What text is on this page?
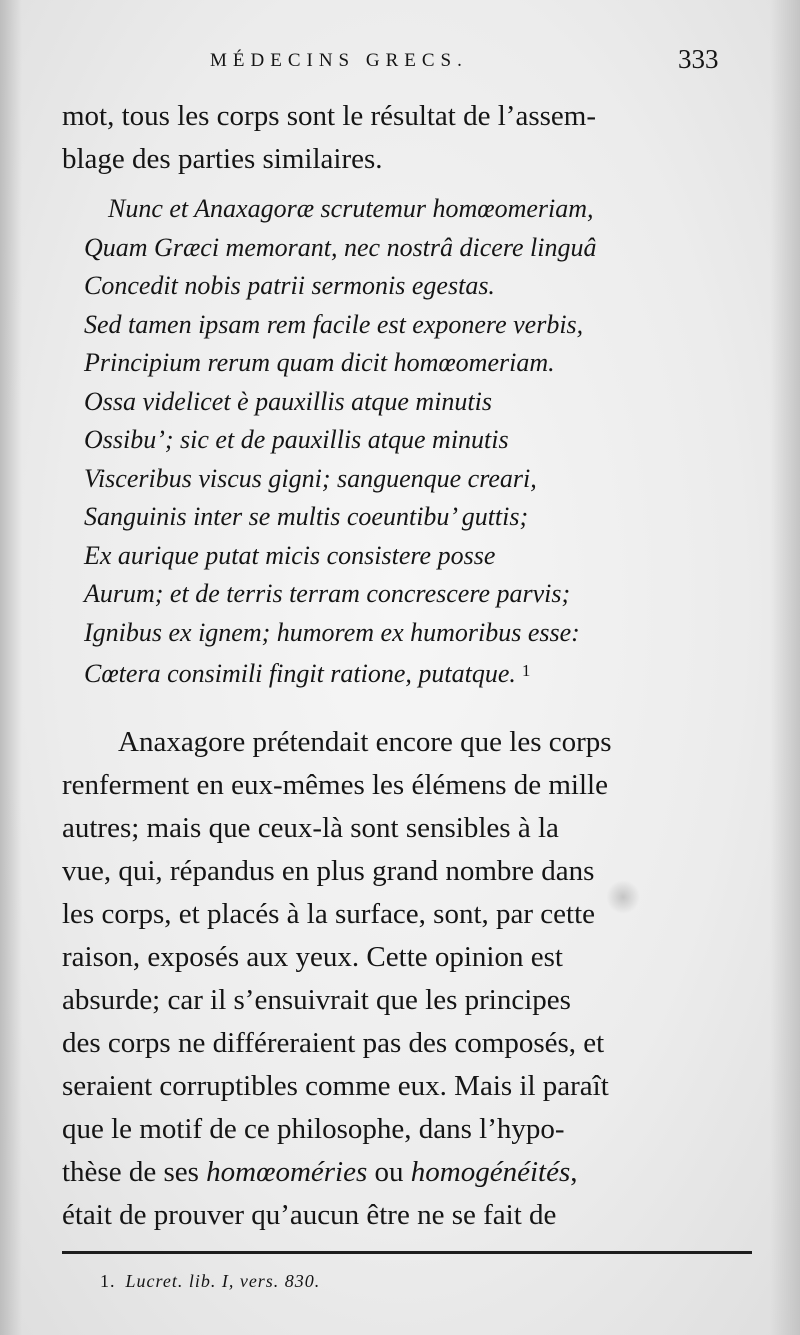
MÉDECINS GRECS.	333
mot, tous les corps sont le résultat de l’assem-
blage des parties similaires.
Nunc et Anaxagoræ scrutemur homœomeriam,
Quam Græci memorant, nec nostrâ dicere linguâ
Concedit nobis patrii sermonis egestas.
Sed tamen ipsam rem facile est exponere verbis,
Principium rerum quam dicit homœomeriam.
Ossa videlicet è pauxillis atque minutis
Ossibu’; sic et de pauxillis atque minutis
Visceribus viscus gigni; sanguenque creari,
Sanguinis inter se multis coeuntibu’ guttis;
Ex aurique putat micis consistere posse
Aurum; et de terris terram concrescere parvis;
Ignibus ex ignem; humorem ex humoribus esse:
Cœtera consimili fingit ratione, putatque. $^1$
Anaxagore prétendait encore que les corps
renferment en eux-mêmes les élémens de mille
autres; mais que ceux-là sont sensibles à la
vue, qui, répandus en plus grand nombre dans
les corps, et placés à la surface, sont, par cette
raison, exposés aux yeux. Cette opinion est
absurde; car il s’ensuivrait que les principes
des corps ne différeraient pas des composés, et
seraient corruptibles comme eux. Mais il paraît
que le motif de ce philosophe, dans l’hypo-
thèse de ses homœoméries ou homogénéités,
était de prouver qu’aucun être ne se fait de
1. Lucret. lib. I, vers. 830.
